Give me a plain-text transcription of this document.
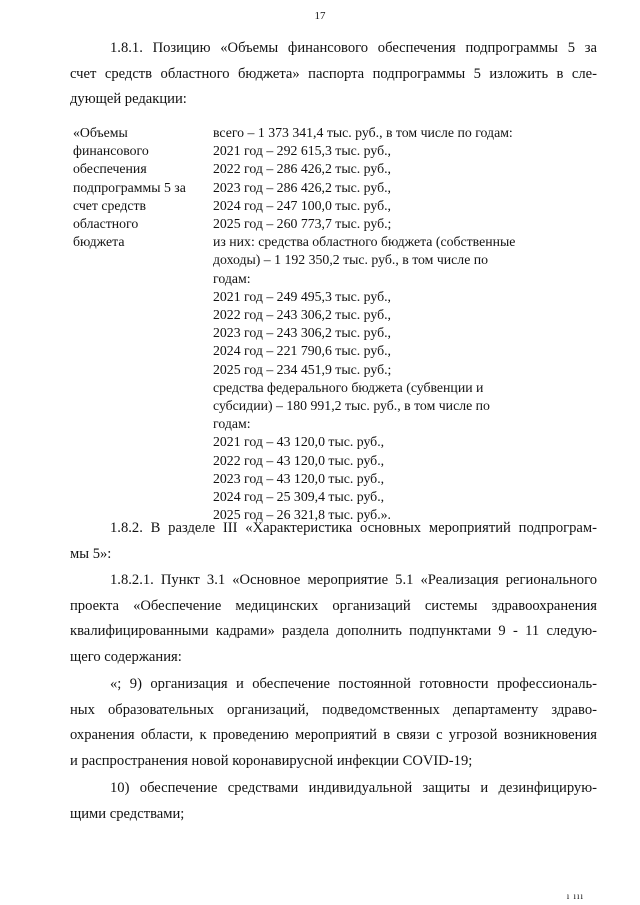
17
1.8.1. Позицию «Объемы финансового обеспечения подпрограммы 5 за
счет средств областного бюджета» паспорта подпрограммы 5 изложить в сле-
дующей редакции:
«Объемы
финансового
обеспечения
подпрограммы 5 за
счет средств
областного
бюджета
всего – 1 373 341,4 тыс. руб., в том числе по годам:
2021 год – 292 615,3 тыс. руб.,
2022 год – 286 426,2 тыс. руб.,
2023 год – 286 426,2 тыс. руб.,
2024 год – 247 100,0 тыс. руб.,
2025 год – 260 773,7 тыс. руб.;
из них: средства областного бюджета (собственные
доходы) – 1 192 350,2 тыс. руб., в том числе по
годам:
2021 год – 249 495,3 тыс. руб.,
2022 год – 243 306,2 тыс. руб.,
2023 год – 243 306,2 тыс. руб.,
2024 год – 221 790,6 тыс. руб.,
2025 год – 234 451,9 тыс. руб.;
средства федерального бюджета (субвенции и
субсидии) – 180 991,2 тыс. руб., в том числе по
годам:
2021 год – 43 120,0 тыс. руб.,
2022 год – 43 120,0 тыс. руб.,
2023 год – 43 120,0 тыс. руб.,
2024 год – 25 309,4 тыс. руб.,
2025 год – 26 321,8 тыс. руб.».
1.8.2. В разделе III «Характеристика основных мероприятий подпрограм-
мы 5»:
1.8.2.1. Пункт 3.1 «Основное мероприятие 5.1 «Реализация регионального
проекта «Обеспечение медицинских организаций системы здравоохранения
квалифицированными кадрами» раздела дополнить подпунктами 9 - 11 следую-
щего содержания:
«; 9) организация и обеспечение постоянной готовности профессиональ-
ных образовательных организаций, подведомственных департаменту здраво-
охранения области, к проведению мероприятий в связи с угрозой возникновения
и распространения новой коронавирусной инфекции COVID-19;
10) обеспечение средствами индивидуальной защиты и дезинфицирую-
щими средствами;
ı ııı
